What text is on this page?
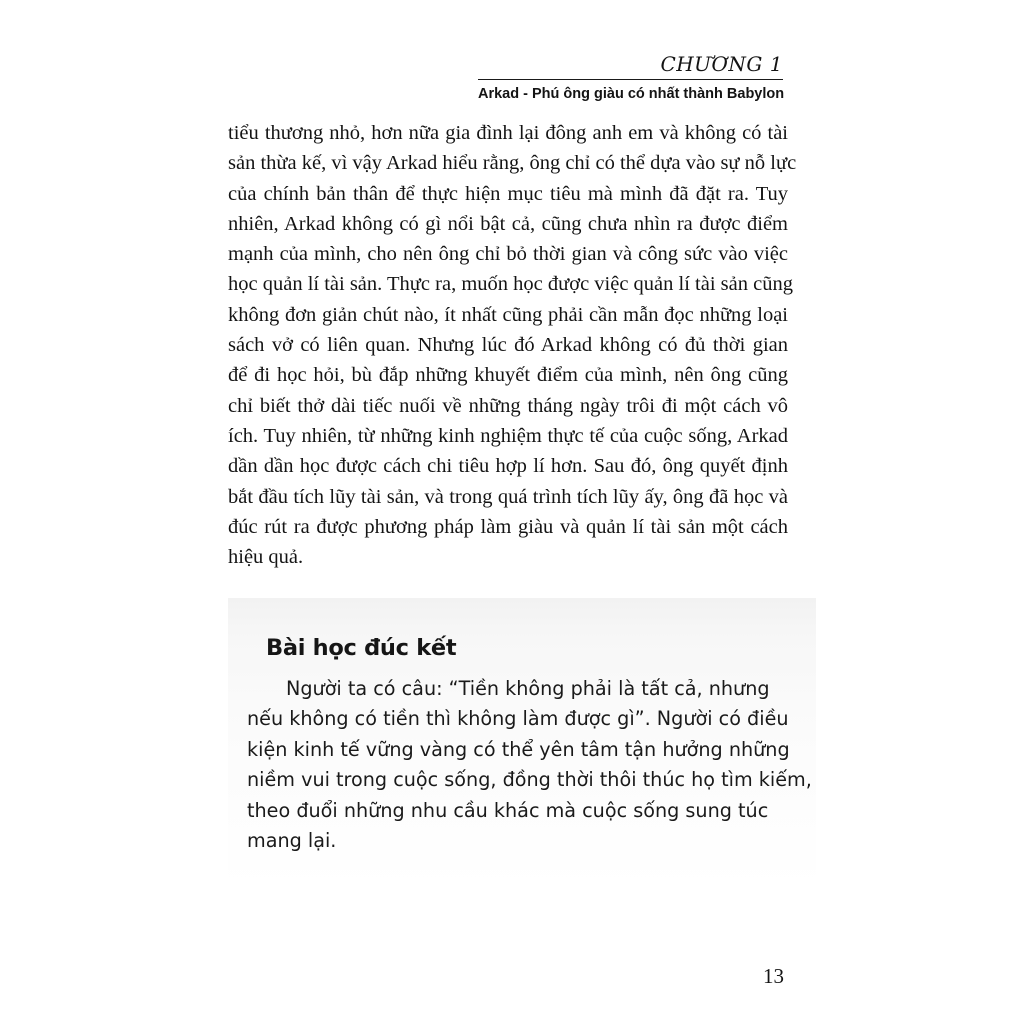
CHƯƠNG 1
Arkad - Phú ông giàu có nhất thành Babylon

tiểu thương nhỏ, hơn nữa gia đình lại đông anh em và không có tài
sản thừa kế, vì vậy Arkad hiểu rằng, ông chỉ có thể dựa vào sự nỗ lực
của chính bản thân để thực hiện mục tiêu mà mình đã đặt ra. Tuy
nhiên, Arkad không có gì nổi bật cả, cũng chưa nhìn ra được điểm
mạnh của mình, cho nên ông chỉ bỏ thời gian và công sức vào việc
học quản lí tài sản. Thực ra, muốn học được việc quản lí tài sản cũng
không đơn giản chút nào, ít nhất cũng phải cần mẫn đọc những loại
sách vở có liên quan. Nhưng lúc đó Arkad không có đủ thời gian
để đi học hỏi, bù đắp những khuyết điểm của mình, nên ông cũng
chỉ biết thở dài tiếc nuối về những tháng ngày trôi đi một cách vô
ích. Tuy nhiên, từ những kinh nghiệm thực tế của cuộc sống, Arkad
dần dần học được cách chi tiêu hợp lí hơn. Sau đó, ông quyết định
bắt đầu tích lũy tài sản, và trong quá trình tích lũy ấy, ông đã học và
đúc rút ra được phương pháp làm giàu và quản lí tài sản một cách
hiệu quả.

Bài học đúc kết

Người ta có câu: “Tiền không phải là tất cả, nhưng
nếu không có tiền thì không làm được gì”. Người có điều
kiện kinh tế vững vàng có thể yên tâm tận hưởng những
niềm vui trong cuộc sống, đồng thời thôi thúc họ tìm kiếm,
theo đuổi những nhu cầu khác mà cuộc sống sung túc
mang lại.

13
